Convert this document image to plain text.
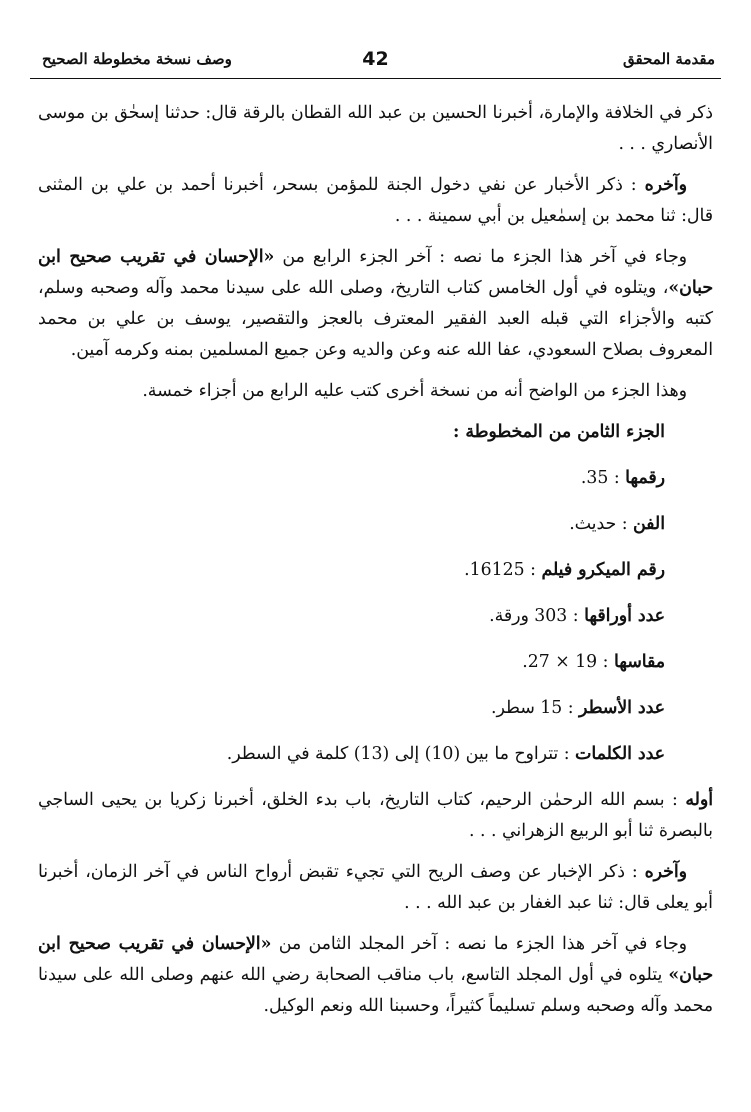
مقدمة المحقق
42
وصف نسخة مخطوطة الصحيح

ذكر في الخلافة والإمارة، أخبرنا الحسين بن عبد الله القطان بالرقة قال: حدثنا إسحٰق بن موسى الأنصاري . . .

وآخره : ذكر الأخبار عن نفي دخول الجنة للمؤمن بسحر، أخبرنا أحمد بن علي بن المثنى قال: ثنا محمد بن إسمٰعيل بن أبي سمينة . . .

وجاء في آخر هذا الجزء ما نصه : آخر الجزء الرابع من «الإحسان في تقريب صحيح ابن حبان»، ويتلوه في أول الخامس كتاب التاريخ، وصلى الله على سيدنا محمد وآله وصحبه وسلم، كتبه والأجزاء التي قبله العبد الفقير المعترف بالعجز والتقصير، يوسف بن علي بن محمد المعروف بصلاح السعودي، عفا الله عنه وعن والديه وعن جميع المسلمين بمنه وكرمه آمين.

وهذا الجزء من الواضح أنه من نسخة أخرى كتب عليه الرابع من أجزاء خمسة.

الجزء الثامن من المخطوطة :

رقمها : 35.

الفن : حديث.

رقم الميكرو فيلم : 16125.

عدد أوراقها : 303 ورقة.

مقاسها : 19 × 27.

عدد الأسطر : 15 سطر.

عدد الكلمات : تتراوح ما بين (10) إلى (13) كلمة في السطر.

أوله : بسم الله الرحمٰن الرحيم، كتاب التاريخ، باب بدء الخلق، أخبرنا زكريا بن يحيى الساجي بالبصرة ثنا أبو الربيع الزهراني . . .

وآخره : ذكر الإخبار عن وصف الريح التي تجيء تقبض أرواح الناس في آخر الزمان، أخبرنا أبو يعلى قال: ثنا عبد الغفار بن عبد الله . . .

وجاء في آخر هذا الجزء ما نصه : آخر المجلد الثامن من «الإحسان في تقريب صحيح ابن حبان» يتلوه في أول المجلد التاسع، باب مناقب الصحابة رضي الله عنهم وصلى الله على سيدنا محمد وآله وصحبه وسلم تسليماً كثيراً، وحسبنا الله ونعم الوكيل.
